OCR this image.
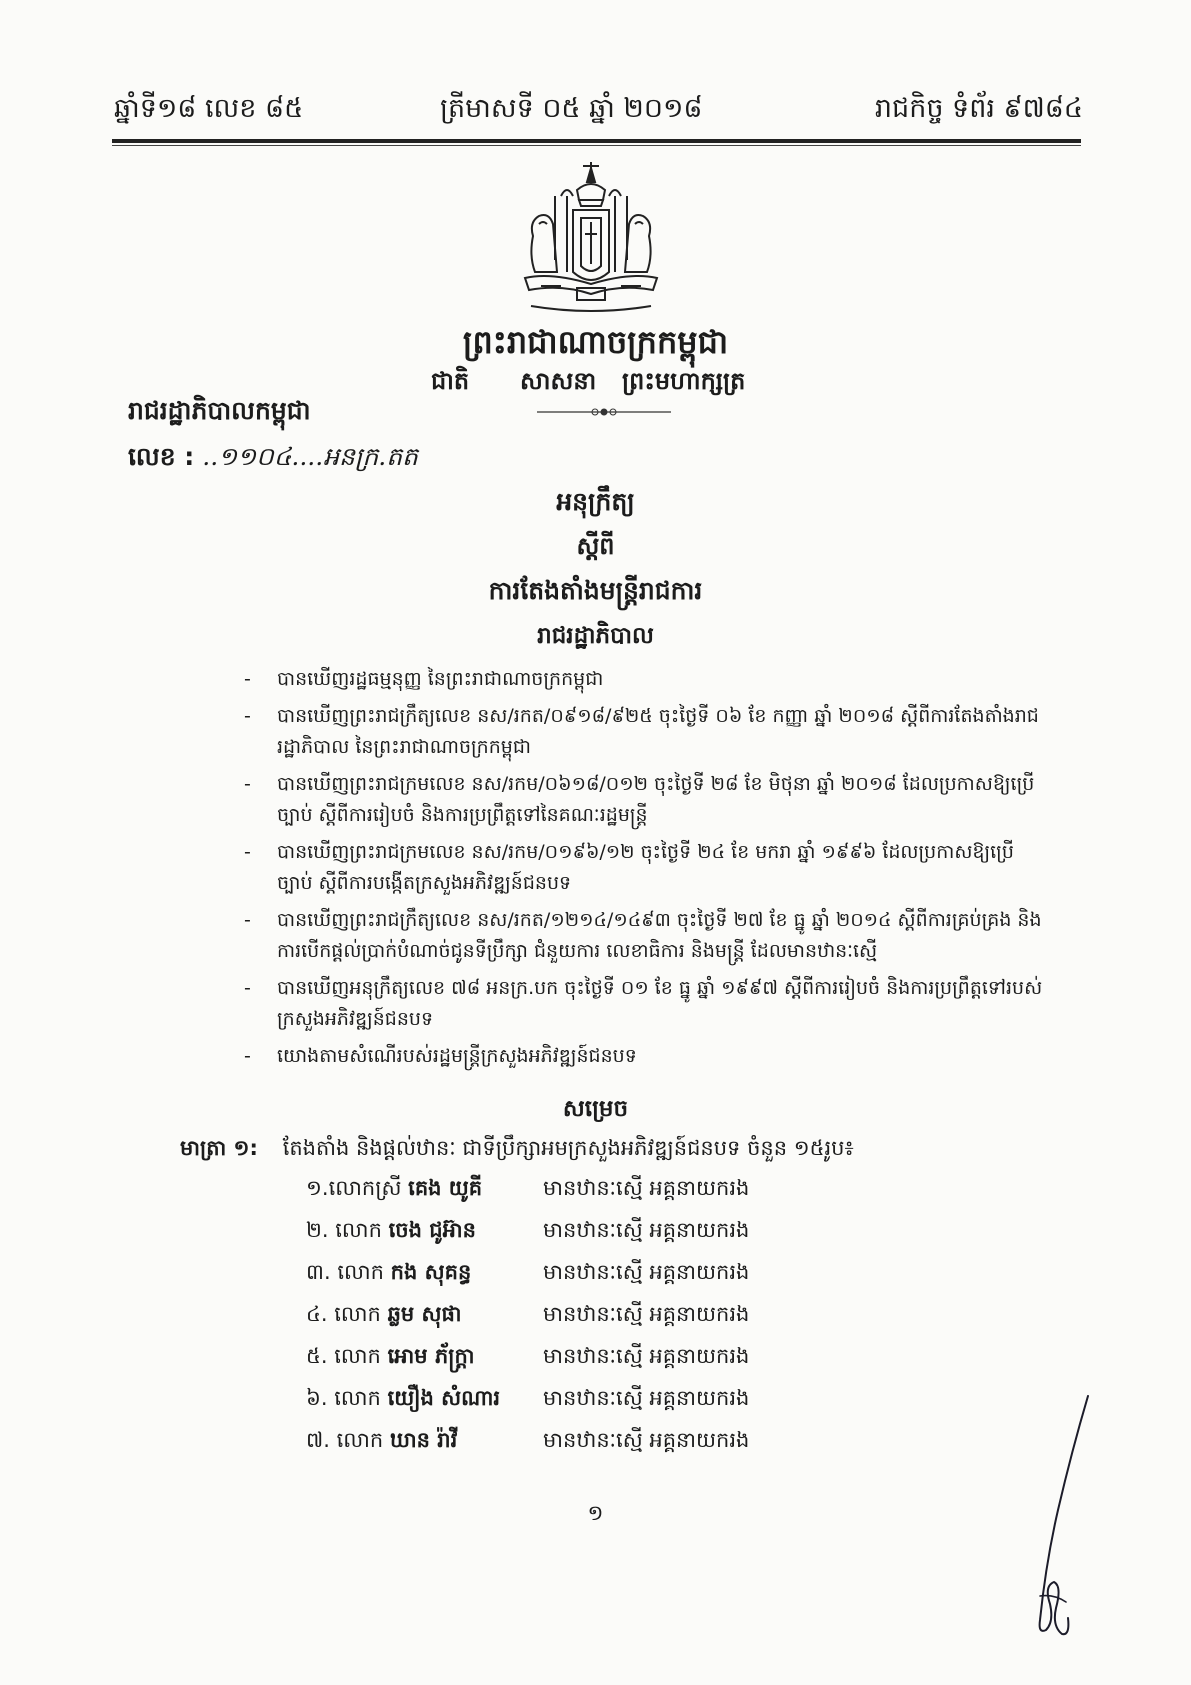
ឆ្នាំទី១៨ លេខ ៨៥	ត្រីមាសទី ០៥ ឆ្នាំ ២០១៨	រាជកិច្ច ទំព័រ ៩៧៨៤
ព្រះរាជាណាចក្រកម្ពុជា
ជាតិ សាសនា ព្រះមហាក្សត្រ
រាជរដ្ឋាភិបាលកម្ពុជា
លេខ : ..១១០៤....អនក្រ.តត
អនុក្រឹត្យ
ស្តីពី
ការតែងតាំងមន្ត្រីរាជការ
រាជរដ្ឋាភិបាល
- បានឃើញរដ្ឋធម្មនុញ្ញ នៃព្រះរាជាណាចក្រកម្ពុជា
- បានឃើញព្រះរាជក្រឹត្យលេខ នស/រកត/០៩១៨/៩២៥ ចុះថ្ងៃទី ០៦ ខែ កញ្ញា ឆ្នាំ ២០១៨ ស្តីពីការតែងតាំងរាជរដ្ឋាភិបាល នៃព្រះរាជាណាចក្រកម្ពុជា
- បានឃើញព្រះរាជក្រមលេខ នស/រកម/០៦១៨/០១២ ចុះថ្ងៃទី ២៨ ខែ មិថុនា ឆ្នាំ ២០១៨ ដែលប្រកាសឱ្យប្រើច្បាប់ ស្តីពីការរៀបចំ និងការប្រព្រឹត្តទៅនៃគណៈរដ្ឋមន្ត្រី
- បានឃើញព្រះរាជក្រមលេខ នស/រកម/០១៩៦/១២ ចុះថ្ងៃទី ២៤ ខែ មករា ឆ្នាំ ១៩៩៦ ដែលប្រកាសឱ្យប្រើច្បាប់ ស្តីពីការបង្កើតក្រសួងអភិវឌ្ឍន៍ជនបទ
- បានឃើញព្រះរាជក្រឹត្យលេខ នស/រកត/១២១៤/១៤៩៣ ចុះថ្ងៃទី ២៧ ខែ ធ្នូ ឆ្នាំ ២០១៤ ស្តីពីការគ្រប់គ្រង និងការបើកផ្តល់ប្រាក់បំណាច់ជូនទីប្រឹក្សា ជំនួយការ លេខាធិការ និងមន្ត្រី ដែលមានឋានៈស្មើ
- បានឃើញអនុក្រឹត្យលេខ ៧៨ អនក្រ.បក ចុះថ្ងៃទី ០១ ខែ ធ្នូ ឆ្នាំ ១៩៩៧ ស្តីពីការរៀបចំ និងការប្រព្រឹត្តទៅរបស់ក្រសួងអភិវឌ្ឍន៍ជនបទ
- យោងតាមសំណើរបស់រដ្ឋមន្ត្រីក្រសួងអភិវឌ្ឍន៍ជនបទ
សម្រេច
មាត្រា ១: តែងតាំង និងផ្តល់ឋានៈ ជាទីប្រឹក្សាអមក្រសួងអភិវឌ្ឍន៍ជនបទ ចំនួន ១៥រូប៖
១.លោកស្រី គេង យូគី	មានឋានៈស្មើ អគ្គនាយករង
២. លោក ចេង ជូអ៊ាន	មានឋានៈស្មើ អគ្គនាយករង
៣. លោក កង សុគន្ធ	មានឋានៈស្មើ អគ្គនាយករង
៤. លោក ឆ្លម សុផា	មានឋានៈស្មើ អគ្គនាយករង
៥. លោក អោម ភ័ក្ត្រា	មានឋានៈស្មើ អគ្គនាយករង
៦. លោក យឿង សំណារ មានឋានៈស្មើ អគ្គនាយករង
៧. លោក ឃាន រ៉ាវី	មានឋានៈស្មើ អគ្គនាយករង
១
